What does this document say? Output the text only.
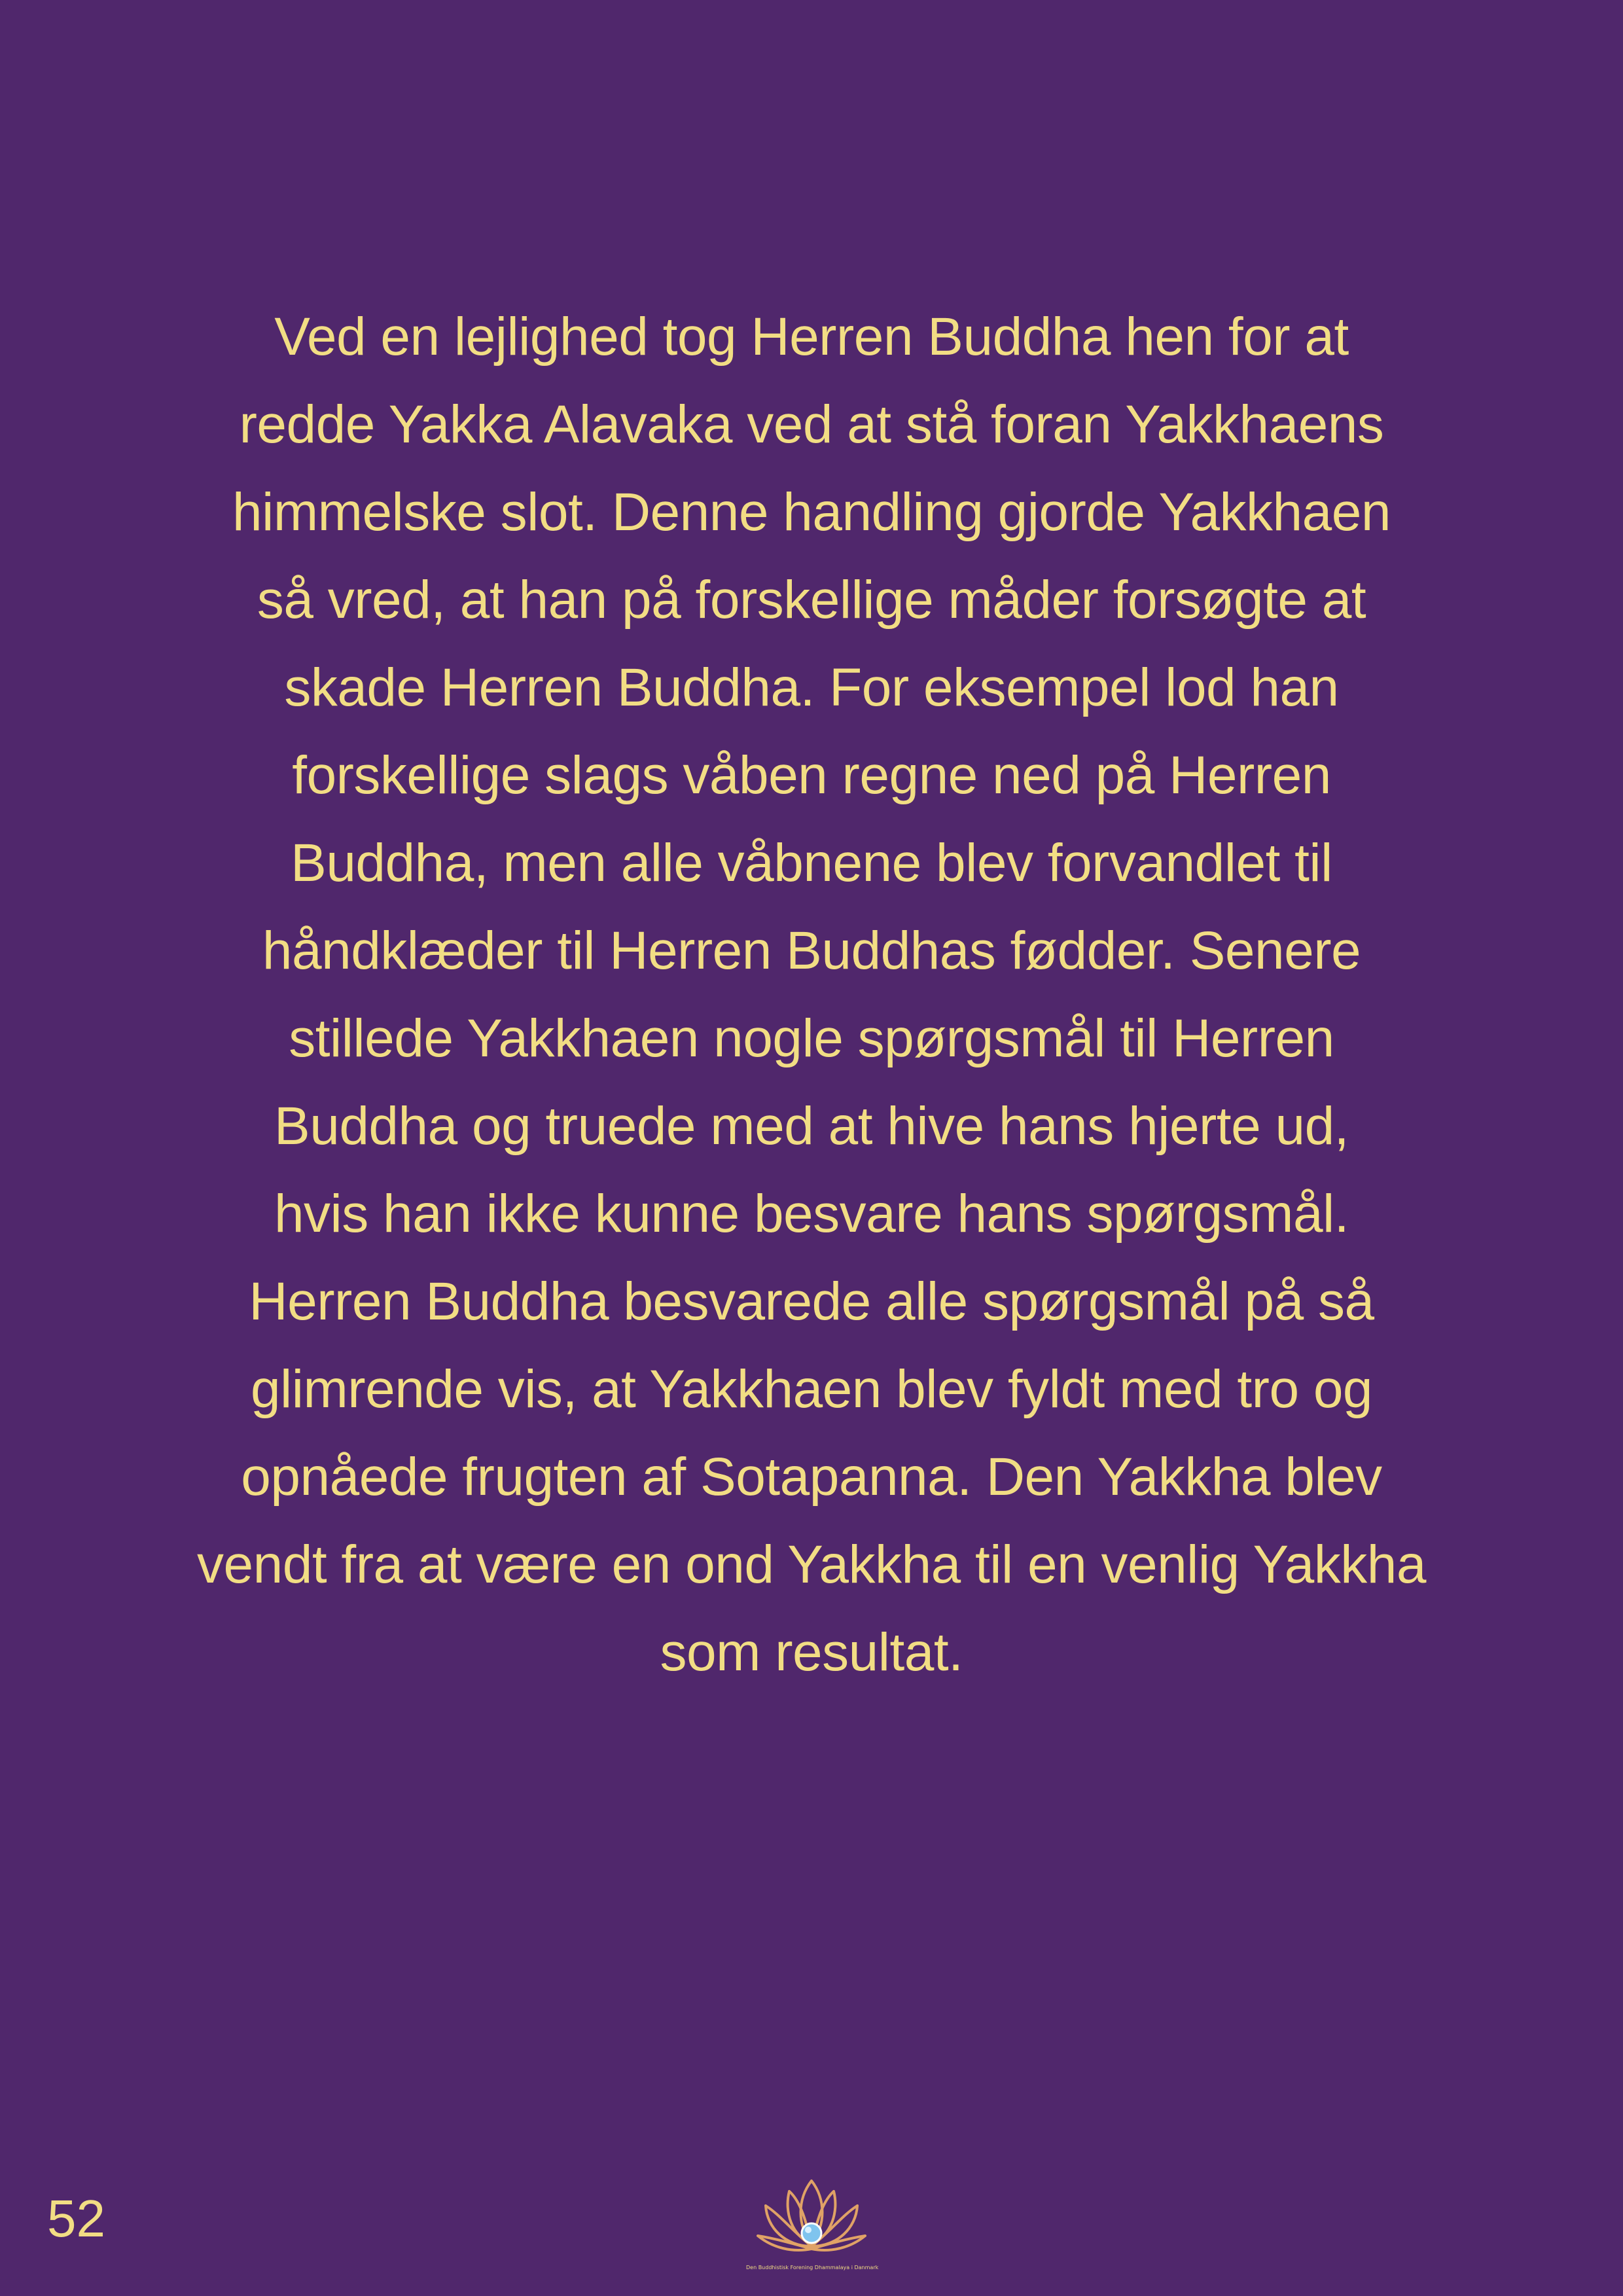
Ved en lejlighed tog Herren Buddha hen for at
redde Yakka Alavaka ved at stå foran Yakkhaens
himmelske slot. Denne handling gjorde Yakkhaen
så vred, at han på forskellige måder forsøgte at
skade Herren Buddha. For eksempel lod han
forskellige slags våben regne ned på Herren
Buddha, men alle våbnene blev forvandlet til
håndklæder til Herren Buddhas fødder. Senere
stillede Yakkhaen nogle spørgsmål til Herren
Buddha og truede med at hive hans hjerte ud,
hvis han ikke kunne besvare hans spørgsmål.
Herren Buddha besvarede alle spørgsmål på så
glimrende vis, at Yakkhaen blev fyldt med tro og
opnåede frugten af Sotapanna. Den Yakkha blev
vendt fra at være en ond Yakkha til en venlig Yakkha
som resultat.
52
Den Buddhistisk Forening Dhammalaya i Danmark
